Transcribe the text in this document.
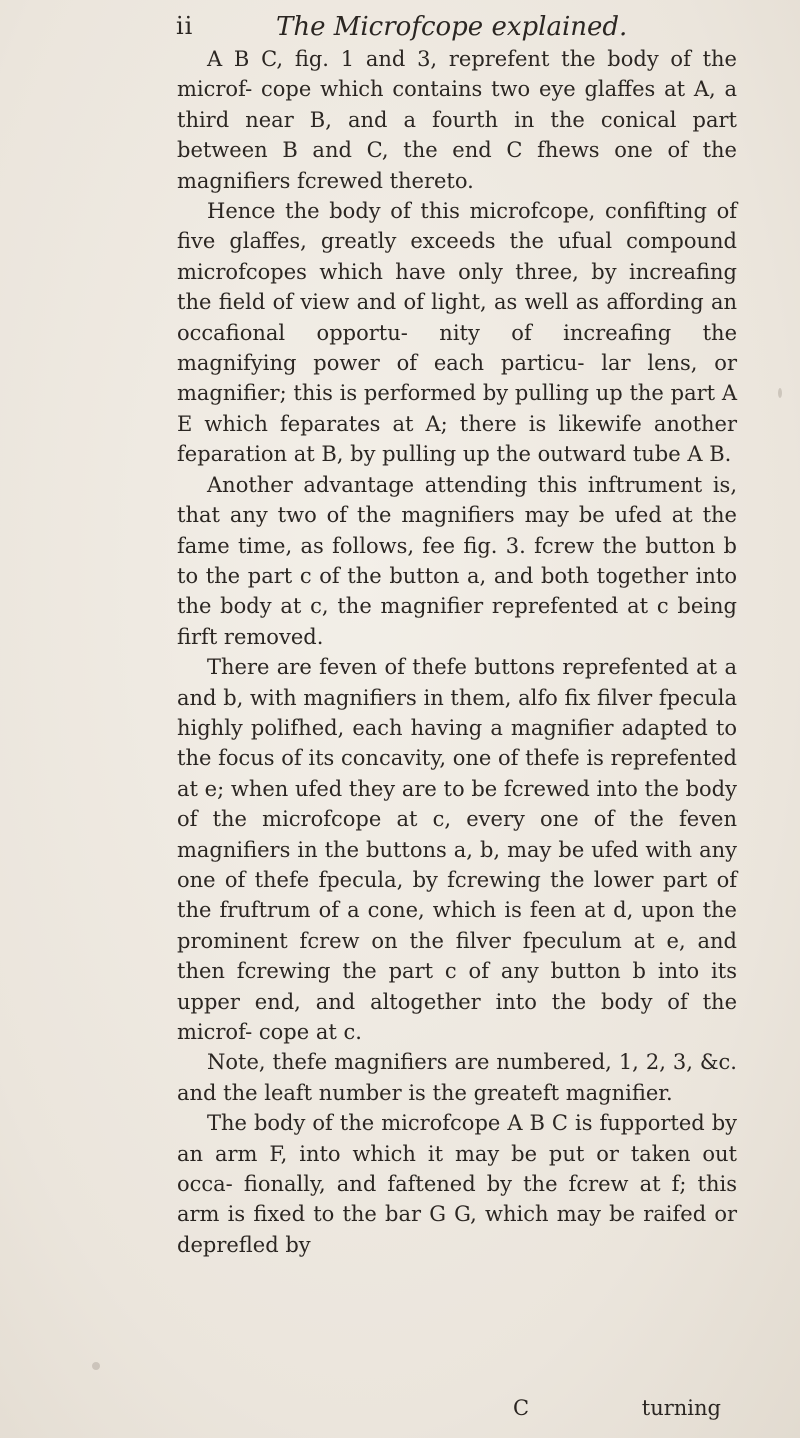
ii	The Microfcope explained.

A B C, fig. 1 and 3, reprefent the body of the microf- cope which contains two eye glaffes at A, a third near B, and a fourth in the conical part between B and C, the end C fhews one of the magnifiers fcrewed thereto.

Hence the body of this microfcope, confifting of five glaffes, greatly exceeds the ufual compound microfcopes which have only three, by increafing the field of view and of light, as well as affording an occafional opportu- nity of increafing the magnifying power of each particu- lar lens, or magnifier; this is performed by pulling up the part A E which feparates at A; there is likewife another feparation at B, by pulling up the outward tube A B.

Another advantage attending this inftrument is, that any two of the magnifiers may be ufed at the fame time, as follows, fee fig. 3. fcrew the button b to the part c of the button a, and both together into the body at c, the magnifier reprefented at c being firft removed.

There are feven of thefe buttons reprefented at a and b, with magnifiers in them, alfo fix filver fpecula highly polifhed, each having a magnifier adapted to the focus of its concavity, one of thefe is reprefented at e; when ufed they are to be fcrewed into the body of the microfcope at c, every one of the feven magnifiers in the buttons a, b, may be ufed with any one of thefe fpecula, by fcrewing the lower part of the fruftrum of a cone, which is feen at d, upon the prominent fcrew on the filver fpeculum at e, and then fcrewing the part c of any button b into its upper end, and altogether into the body of the microf- cope at c.

Note, thefe magnifiers are numbered, 1, 2, 3, &c. and the leaft number is the greateft magnifier.

The body of the microfcope A B C is fupported by an arm F, into which it may be put or taken out occa- fionally, and faftened by the fcrew at f; this arm is fixed to the bar G G, which may be raifed or deprefled by

C	turning
